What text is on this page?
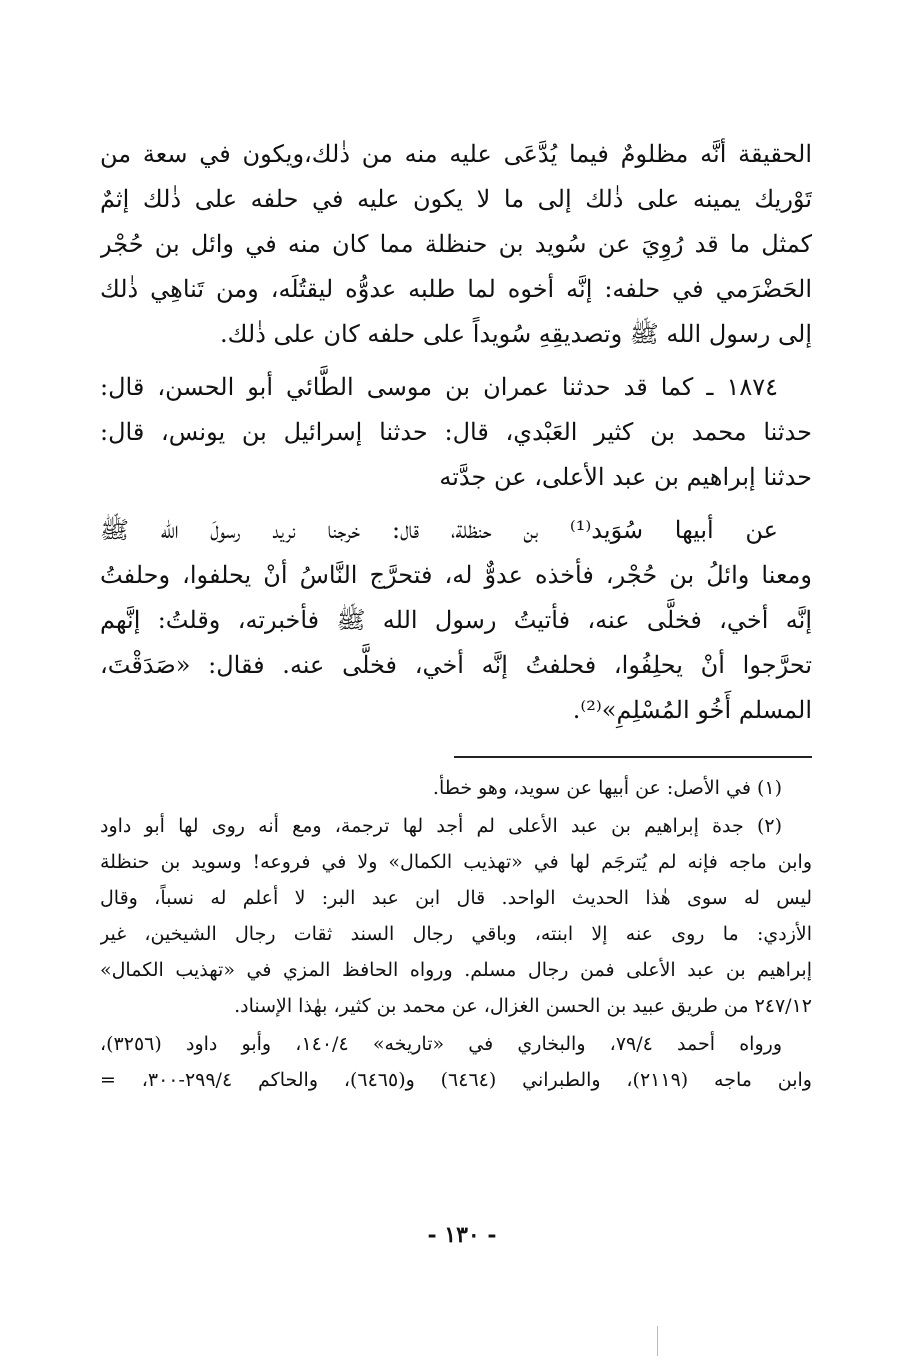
الحقيقة أنَّه مظلومٌ فيما يُدَّعَى عليه منه من ذٰلك،ويكون في سعة من
تَوْريك يمينه على ذٰلك إلى ما لا يكون عليه في حلفه على ذٰلك إثمٌ
كمثل ما قد رُوِيَ عن سُويد بن حنظلة مما كان منه في وائل بن حُجْر
الحَضْرَمي في حلفه: إنَّه أخوه لما طلبه عدوُّه ليقتُلَه، ومن تَناهِي ذٰلك
إلى رسول الله ﷺ وتصديقِهِ سُويداً على حلفه كان على ذٰلك.
١٨٧٤ ـ كما قد حدثنا عمران بن موسى الطَّائي أبو الحسن، قال:
حدثنا محمد بن كثير العَبْدي، قال: حدثنا إسرائيل بن يونس، قال:
حدثنا إبراهيم بن عبد الأعلى، عن جدَّته
عن أبيها سُوَيد⁽¹⁾ بن حنظلة، قال: خرجنا نريد رسولَ الله ﷺ
ومعنا وائلُ بن حُجْر، فأخذه عدوٌّ له، فتحرَّج النَّاسُ أنْ يحلفوا، وحلفتُ
إنَّه أخي، فخلَّى عنه، فأتيتُ رسول الله ﷺ فأخبرته، وقلتُ: إنَّهم
تحرَّجوا أنْ يحلِفُوا، فحلفتُ إنَّه أخي، فخلَّى عنه. فقال: «صَدَقْتَ،
المسلم أَخُو المُسْلِمِ»⁽²⁾.
(١) في الأصل: عن أبيها عن سويد، وهو خطأ.
(٢) جدة إبراهيم بن عبد الأعلى لم أجد لها ترجمة، ومع أنه روى لها أبو داود
وابن ماجه فإنه لم يُترجَم لها في «تهذيب الكمال» ولا في فروعه! وسويد بن حنظلة
ليس له سوى هٰذا الحديث الواحد. قال ابن عبد البر: لا أعلم له نسباً، وقال
الأزدي: ما روى عنه إلا ابنته، وباقي رجال السند ثقات رجال الشيخين، غير
إبراهيم بن عبد الأعلى فمن رجال مسلم. ورواه الحافظ المزي في «تهذيب الكمال»
٢٤٧/١٢ من طريق عبيد بن الحسن الغزال، عن محمد بن كثير، بهٰذا الإسناد.
ورواه أحمد ٧٩/٤، والبخاري في «تاريخه» ١٤٠/٤، وأبو داود (٣٢٥٦)،
وابن ماجه (٢١١٩)، والطبراني (٦٤٦٤) و(٦٤٦٥)، والحاكم ٢٩٩/٤-٣٠٠، =
- ١٣٠ -
